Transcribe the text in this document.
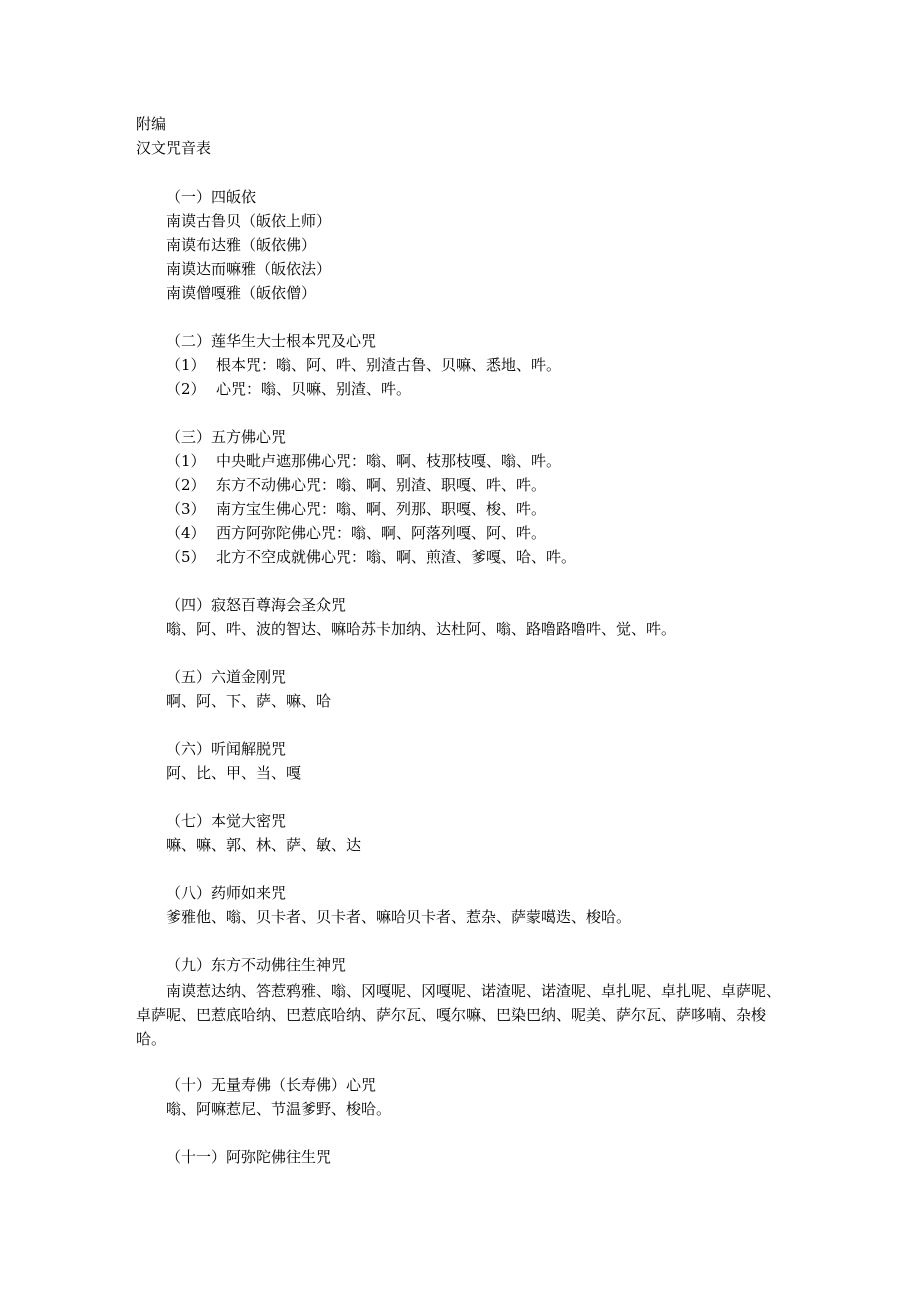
附编
汉文咒音表
（一）四皈依
南谟古鲁贝（皈依上师）
南谟布达雅（皈依佛）
南谟达而嘛雅（皈依法）
南谟僧嘎雅（皈依僧）
（二）莲华生大士根本咒及心咒
（1） 根本咒：嗡、阿、吽、别渣古鲁、贝嘛、悉地、吽。
（2） 心咒：嗡、贝嘛、别渣、吽。
（三）五方佛心咒
（1） 中央毗卢遮那佛心咒：嗡、啊、枝那枝嘎、嗡、吽。
（2） 东方不动佛心咒：嗡、啊、别渣、职嘎、吽、吽。
（3） 南方宝生佛心咒：嗡、啊、列那、职嘎、梭、吽。
（4） 西方阿弥陀佛心咒：嗡、啊、阿落列嘎、阿、吽。
（5） 北方不空成就佛心咒：嗡、啊、煎渣、爹嘎、哈、吽。
（四）寂怒百尊海会圣众咒
嗡、阿、吽、波的智达、嘛哈苏卡加纳、达杜阿、嗡、路噜路噜吽、觉、吽。
（五）六道金刚咒
啊、阿、下、萨、嘛、哈
（六）听闻解脱咒
阿、比、甲、当、嘎
（七）本觉大密咒
嘛、嘛、郭、林、萨、敏、达
（八）药师如来咒
爹雅他、嗡、贝卡者、贝卡者、嘛哈贝卡者、惹杂、萨蒙噶迭、梭哈。
（九）东方不动佛往生神咒
南谟惹达纳、答惹鸦雅、嗡、冈嘎呢、冈嘎呢、诺渣呢、诺渣呢、卓扎呢、卓扎呢、卓萨呢、卓萨呢、巴惹底哈纳、巴惹底哈纳、萨尔瓦、嘎尔嘛、巴染巴纳、呢美、萨尔瓦、萨哆喃、杂梭哈。
（十）无量寿佛（长寿佛）心咒
嗡、阿嘛惹尼、节温爹野、梭哈。
（十一）阿弥陀佛往生咒
